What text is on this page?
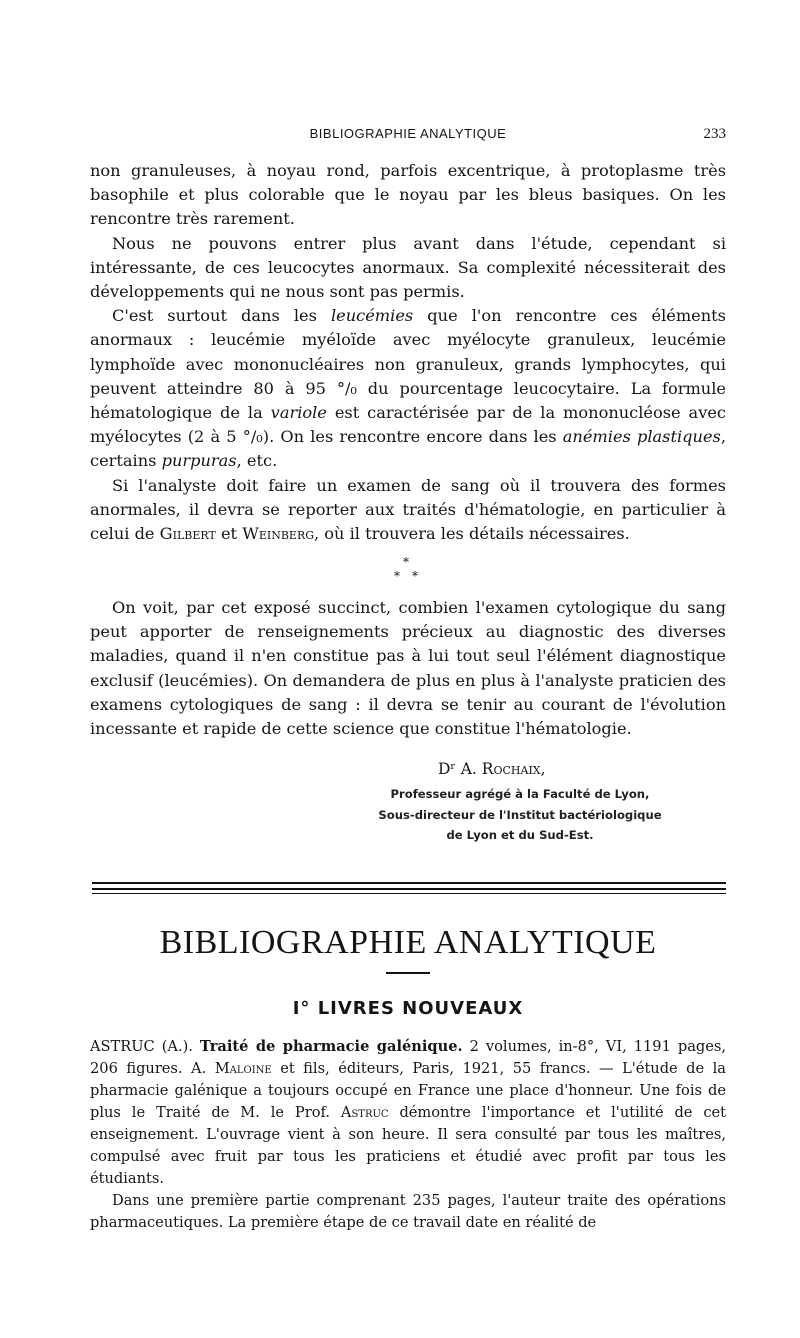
BIBLIOGRAPHIE ANALYTIQUE	233

non granuleuses, à noyau rond, parfois excentrique, à protoplasme très basophile et plus colorable que le noyau par les bleus basiques. On les rencontre très rarement.

Nous ne pouvons entrer plus avant dans l'étude, cependant si intéressante, de ces leucocytes anormaux. Sa complexité nécessiterait des développements qui ne nous sont pas permis.

C'est surtout dans les leucémies que l'on rencontre ces éléments anormaux : leucémie myéloïde avec myélocyte granuleux, leucémie lymphoïde avec mononucléaires non granuleux, grands lymphocytes, qui peuvent atteindre 80 à 95 °/₀ du pourcentage leucocytaire. La formule hématologique de la variole est caractérisée par de la mononucléose avec myélocytes (2 à 5 °/₀). On les rencontre encore dans les anémies plastiques, certains purpuras, etc.

Si l'analyste doit faire un examen de sang où il trouvera des formes anormales, il devra se reporter aux traités d'hématologie, en particulier à celui de Gilbert et Weinberg, où il trouvera les détails nécessaires.

*
* *

On voit, par cet exposé succinct, combien l'examen cytologique du sang peut apporter de renseignements précieux au diagnostic des diverses maladies, quand il n'en constitue pas à lui tout seul l'élément diagnostique exclusif (leucémies). On demandera de plus en plus à l'analyste praticien des examens cytologiques de sang : il devra se tenir au courant de l'évolution incessante et rapide de cette science que constitue l'hématologie.

Dʳ A. Rochaix,

Professeur agrégé à la Faculté de Lyon,
Sous-directeur de l'Institut bactériologique
de Lyon et du Sud-Est.
BIBLIOGRAPHIE ANALYTIQUE
I° LIVRES NOUVEAUX

ASTRUC (A.). Traité de pharmacie galénique. 2 volumes, in-8°, VI, 1191 pages, 206 figures. A. Maloine et fils, éditeurs, Paris, 1921, 55 francs. — L'étude de la pharmacie galénique a toujours occupé en France une place d'honneur. Une fois de plus le Traité de M. le Prof. Astruc démontre l'importance et l'utilité de cet enseignement. L'ouvrage vient à son heure. Il sera consulté par tous les maîtres, compulsé avec fruit par tous les praticiens et étudié avec profit par tous les étudiants.

Dans une première partie comprenant 235 pages, l'auteur traite des opérations pharmaceutiques. La première étape de ce travail date en réalité de
